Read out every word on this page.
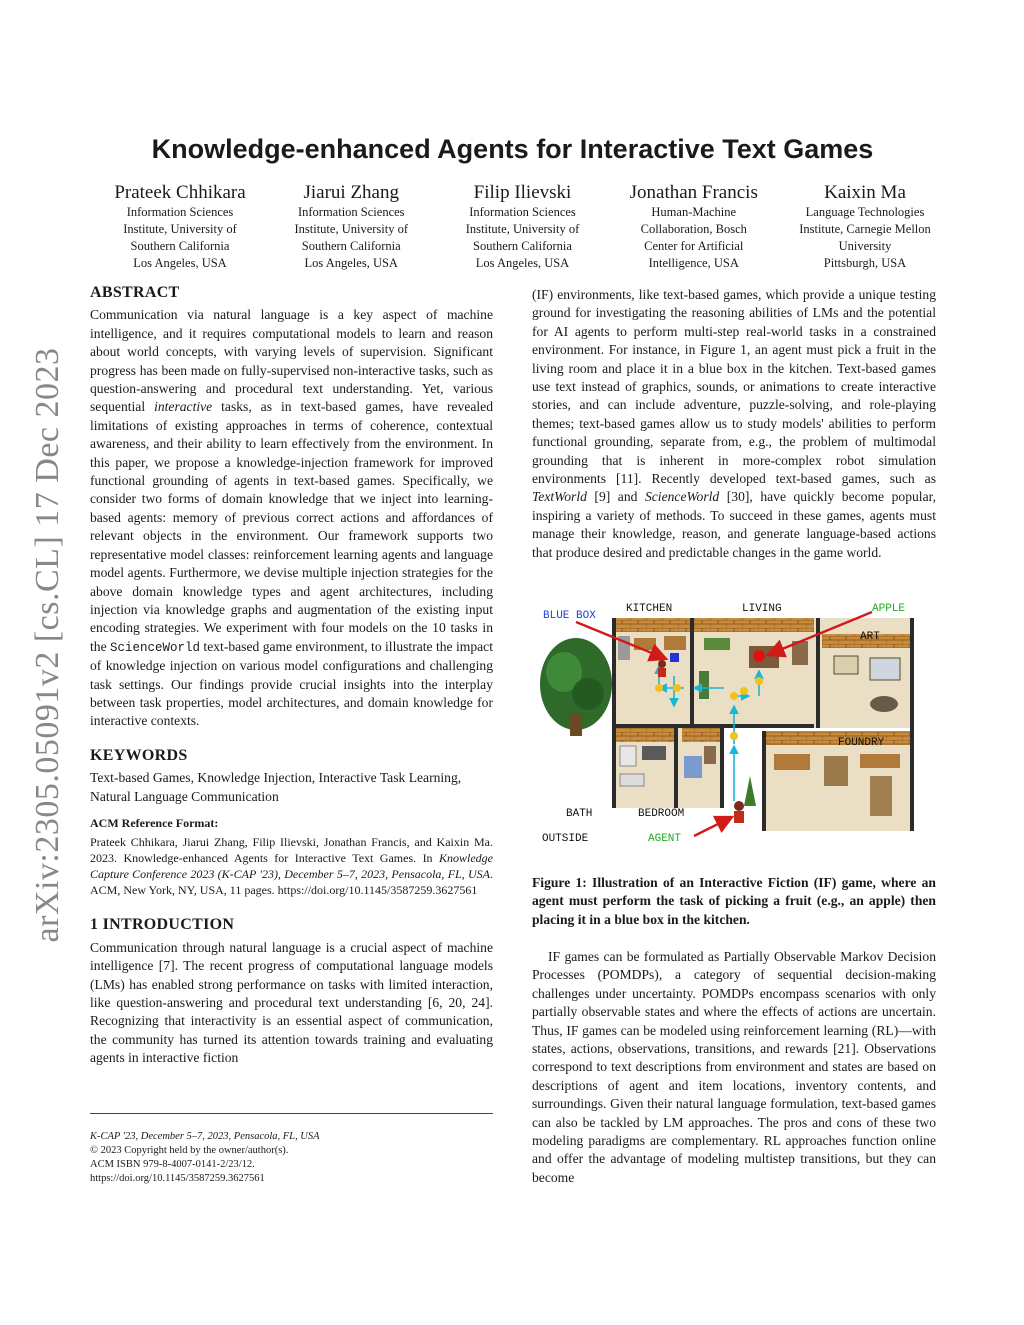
arXiv:2305.05091v2 [cs.CL] 17 Dec 2023
Knowledge-enhanced Agents for Interactive Text Games
Prateek Chhikara
Information Sciences
Institute, University of
Southern California
Los Angeles, USA
Jiarui Zhang
Information Sciences
Institute, University of
Southern California
Los Angeles, USA
Filip Ilievski
Information Sciences
Institute, University of
Southern California
Los Angeles, USA
Jonathan Francis
Human-Machine
Collaboration, Bosch
Center for Artificial
Intelligence, USA
Kaixin Ma
Language Technologies
Institute, Carnegie Mellon
University
Pittsburgh, USA
ABSTRACT

Communication via natural language is a key aspect of machine intelligence, and it requires computational models to learn and reason about world concepts, with varying levels of supervision. Significant progress has been made on fully-supervised non-interactive tasks, such as question-answering and procedural text understanding. Yet, various sequential interactive tasks, as in text-based games, have revealed limitations of existing approaches in terms of coherence, contextual awareness, and their ability to learn effectively from the environment. In this paper, we propose a knowledge-injection framework for improved functional grounding of agents in text-based games. Specifically, we consider two forms of domain knowledge that we inject into learning-based agents: memory of previous correct actions and affordances of relevant objects in the environment. Our framework supports two representative model classes: reinforcement learning agents and language model agents. Furthermore, we devise multiple injection strategies for the above domain knowledge types and agent architectures, including injection via knowledge graphs and augmentation of the existing input encoding strategies. We experiment with four models on the 10 tasks in the ScienceWorld text-based game environment, to illustrate the impact of knowledge injection on various model configurations and challenging task settings. Our findings provide crucial insights into the interplay between task properties, model architectures, and domain knowledge for interactive contexts.

KEYWORDS

Text-based Games, Knowledge Injection, Interactive Task Learning, Natural Language Communication

ACM Reference Format:

Prateek Chhikara, Jiarui Zhang, Filip Ilievski, Jonathan Francis, and Kaixin Ma. 2023. Knowledge-enhanced Agents for Interactive Text Games. In Knowledge Capture Conference 2023 (K-CAP '23), December 5–7, 2023, Pensacola, FL, USA. ACM, New York, NY, USA, 11 pages. https://doi.org/10.1145/3587259.3627561

1 INTRODUCTION

Communication through natural language is a crucial aspect of machine intelligence [7]. The recent progress of computational language models (LMs) has enabled strong performance on tasks with limited interaction, like question-answering and procedural text understanding [6, 20, 24]. Recognizing that interactivity is an essential aspect of communication, the community has turned its attention towards training and evaluating agents in interactive fiction

K-CAP '23, December 5–7, 2023, Pensacola, FL, USA
© 2023 Copyright held by the owner/author(s).
ACM ISBN 979-8-4007-0141-2/23/12.
https://doi.org/10.1145/3587259.3627561

(IF) environments, like text-based games, which provide a unique testing ground for investigating the reasoning abilities of LMs and the potential for AI agents to perform multi-step real-world tasks in a constrained environment. For instance, in Figure 1, an agent must pick a fruit in the living room and place it in a blue box in the kitchen. Text-based games use text instead of graphics, sounds, or animations to create interactive stories, and can include adventure, puzzle-solving, and role-playing themes; text-based games allow us to study models' abilities to perform functional grounding, separate from, e.g., the problem of multimodal grounding that is inherent in more-complex robot simulation environments [11]. Recently developed text-based games, such as TextWorld [9] and ScienceWorld [30], have quickly become popular, inspiring a variety of methods. To succeed in these games, agents must manage their knowledge, reason, and generate language-based actions that produce desired and predictable changes in the game world.

BLUE BOX
KITCHEN	LIVING	APPLE
ART
FOUNDRY
BATH	BEDROOM
OUTSIDE	AGENT
Figure 1: Illustration of an Interactive Fiction (IF) game, where an agent must perform the task of picking a fruit (e.g., an apple) then placing it in a blue box in the kitchen.

IF games can be formulated as Partially Observable Markov Decision Processes (POMDPs), a category of sequential decision-making challenges under uncertainty. POMDPs encompass scenarios with only partially observable states and where the effects of actions are uncertain. Thus, IF games can be modeled using reinforcement learning (RL)—with states, actions, observations, transitions, and rewards [21]. Observations correspond to text descriptions from environment and states are based on descriptions of agent and item locations, inventory contents, and surroundings. Given their natural language formulation, text-based games can also be tackled by LM approaches. The pros and cons of these two modeling paradigms are complementary. RL approaches function online and offer the advantage of modeling multistep transitions, but they can become
